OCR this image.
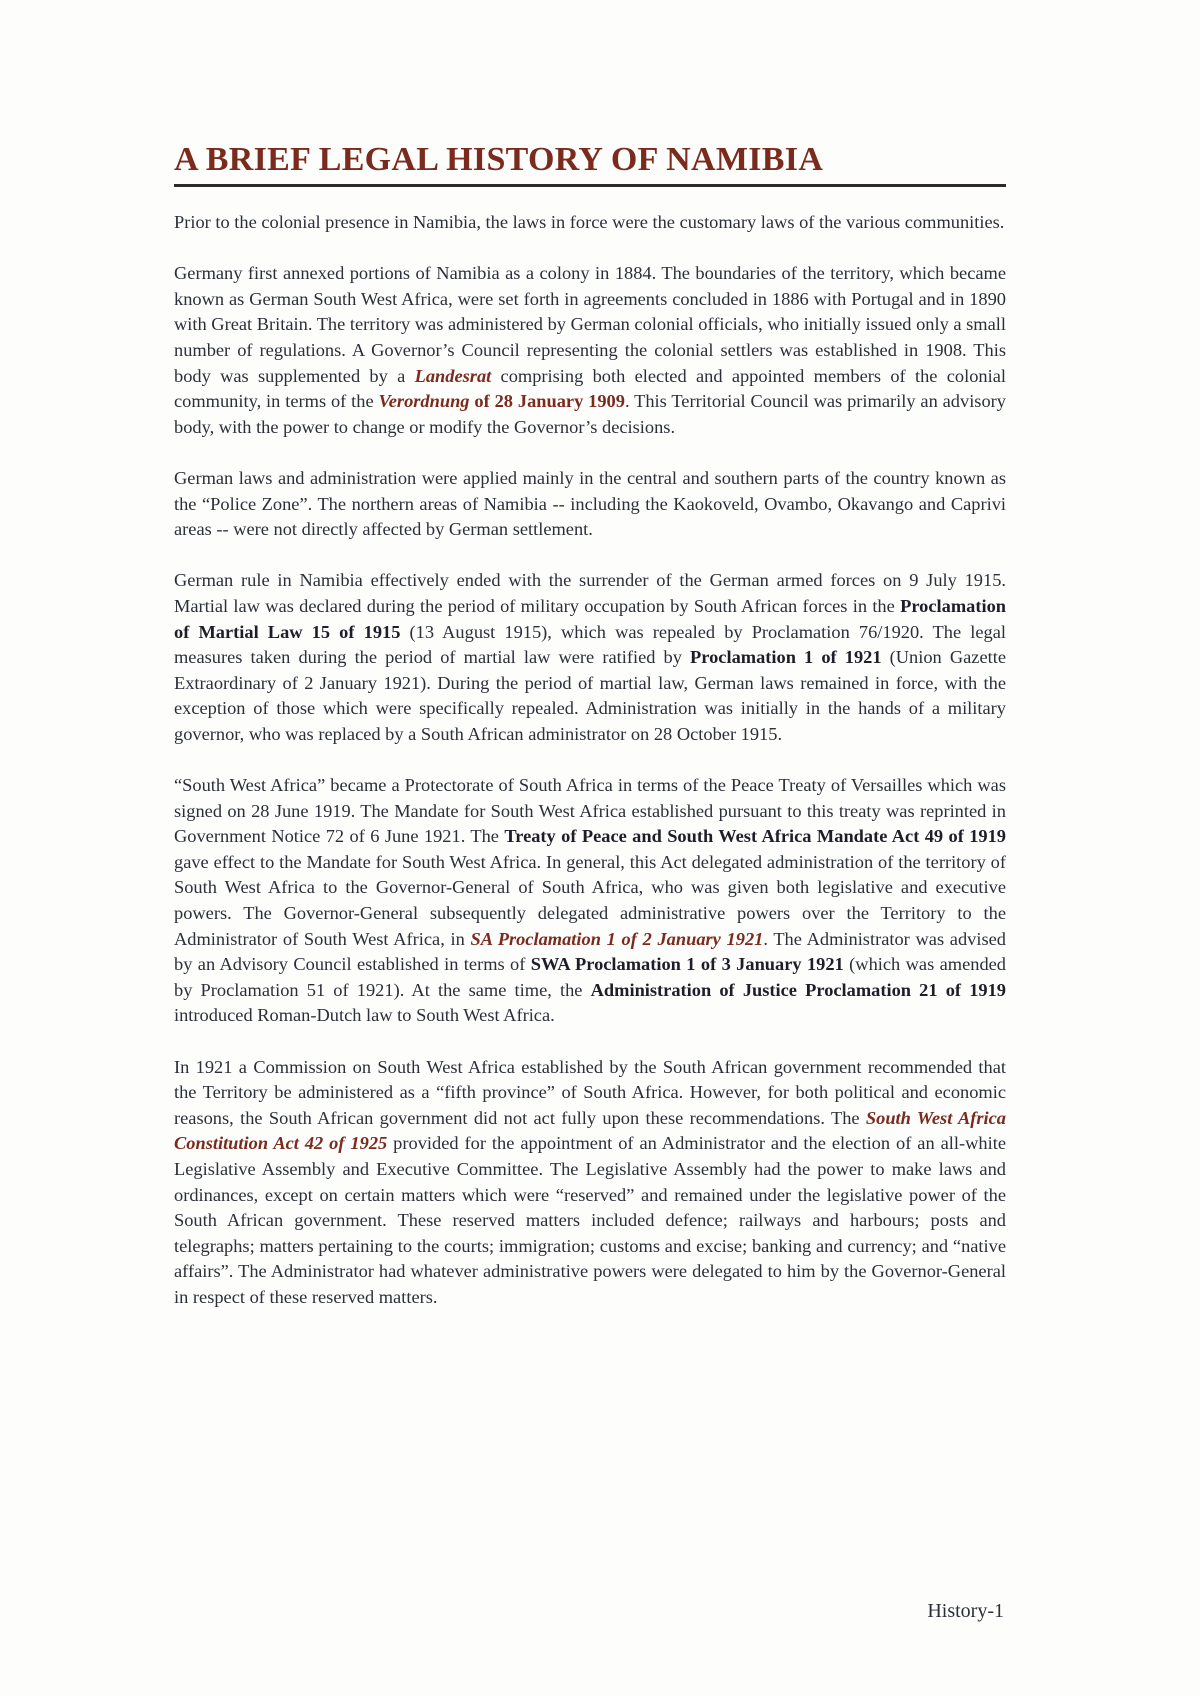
A BRIEF LEGAL HISTORY OF NAMIBIA

Prior to the colonial presence in Namibia, the laws in force were the customary laws of the various communities.

Germany first annexed portions of Namibia as a colony in 1884. The boundaries of the territory, which became known as German South West Africa, were set forth in agreements concluded in 1886 with Portugal and in 1890 with Great Britain. The territory was administered by German colonial officials, who initially issued only a small number of regulations. A Governor’s Council representing the colonial settlers was established in 1908. This body was supplemented by a Landesrat comprising both elected and appointed members of the colonial community, in terms of the Verordnung of 28 January 1909. This Territorial Council was primarily an advisory body, with the power to change or modify the Governor’s decisions.

German laws and administration were applied mainly in the central and southern parts of the country known as the “Police Zone”. The northern areas of Namibia -- including the Kaokoveld, Ovambo, Okavango and Caprivi areas -- were not directly affected by German settlement.

German rule in Namibia effectively ended with the surrender of the German armed forces on 9 July 1915. Martial law was declared during the period of military occupation by South African forces in the Proclamation of Martial Law 15 of 1915 (13 August 1915), which was repealed by Proclamation 76/1920. The legal measures taken during the period of martial law were ratified by Proclamation 1 of 1921 (Union Gazette Extraordinary of 2 January 1921). During the period of martial law, German laws remained in force, with the exception of those which were specifically repealed. Administration was initially in the hands of a military governor, who was replaced by a South African administrator on 28 October 1915.

“South West Africa” became a Protectorate of South Africa in terms of the Peace Treaty of Versailles which was signed on 28 June 1919. The Mandate for South West Africa established pursuant to this treaty was reprinted in Government Notice 72 of 6 June 1921. The Treaty of Peace and South West Africa Mandate Act 49 of 1919 gave effect to the Mandate for South West Africa. In general, this Act delegated administration of the territory of South West Africa to the Governor-General of South Africa, who was given both legislative and executive powers. The Governor-General subsequently delegated administrative powers over the Territory to the Administrator of South West Africa, in SA Proclamation 1 of 2 January 1921. The Administrator was advised by an Advisory Council established in terms of SWA Proclamation 1 of 3 January 1921 (which was amended by Proclamation 51 of 1921). At the same time, the Administration of Justice Proclamation 21 of 1919 introduced Roman-Dutch law to South West Africa.

In 1921 a Commission on South West Africa established by the South African government recommended that the Territory be administered as a “fifth province” of South Africa. However, for both political and economic reasons, the South African government did not act fully upon these recommendations. The South West Africa Constitution Act 42 of 1925 provided for the appointment of an Administrator and the election of an all-white Legislative Assembly and Executive Committee. The Legislative Assembly had the power to make laws and ordinances, except on certain matters which were “reserved” and remained under the legislative power of the South African government. These reserved matters included defence; railways and harbours; posts and telegraphs; matters pertaining to the courts; immigration; customs and excise; banking and currency; and “native affairs”. The Administrator had whatever administrative powers were delegated to him by the Governor-General in respect of these reserved matters.

History-1
